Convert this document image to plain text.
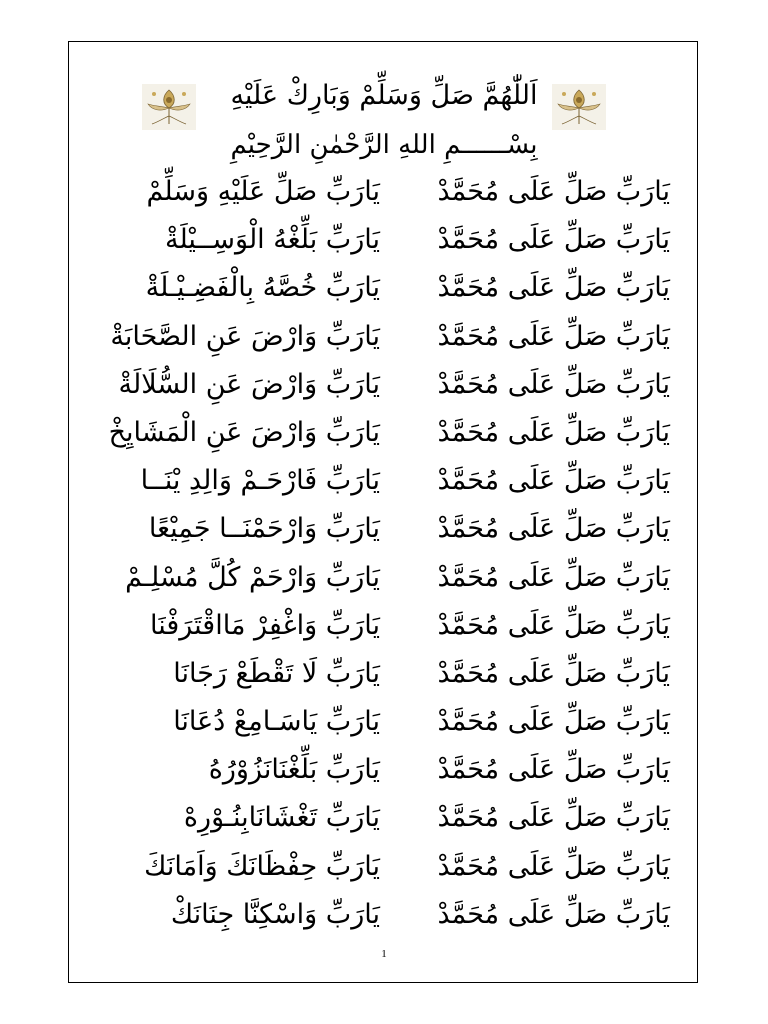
اَللّٰهُمَّ صَلِّ وَسَلِّمْ وَبَارِكْ عَلَيْهِ
بِسْــــــمِ اللهِ الرَّحْمٰنِ الرَّحِيْمِ
يَارَبِّ صَلِّ عَلَى مُحَمَّدْ
يَارَبِّ صَلِّ عَلَيْهِ وَسَلِّمْ
يَارَبِّ صَلِّ عَلَى مُحَمَّدْ
يَارَبِّ بَلِّغْهُ الْوَسِــيْلَةْ
يَارَبِّ صَلِّ عَلَى مُحَمَّدْ
يَارَبِّ خُصَّهُ بِالْفَضِـيْـلَةْ
يَارَبِّ صَلِّ عَلَى مُحَمَّدْ
يَارَبِّ وَارْضَ عَنِ الصَّحَابَةْ
يَارَبِّ صَلِّ عَلَى مُحَمَّدْ
يَارَبِّ وَارْضَ عَنِ السُّلَالَةْ
يَارَبِّ صَلِّ عَلَى مُحَمَّدْ
يَارَبِّ وَارْضَ عَنِ الْمَشَايِخْ
يَارَبِّ صَلِّ عَلَى مُحَمَّدْ
يَارَبِّ فَارْحَـمْ وَالِدِ يْنَــا
يَارَبِّ صَلِّ عَلَى مُحَمَّدْ
يَارَبِّ وَارْحَمْنَــا جَمِيْعًا
يَارَبِّ صَلِّ عَلَى مُحَمَّدْ
يَارَبِّ وَارْحَمْ كُلَّ مُسْلِـمْ
يَارَبِّ صَلِّ عَلَى مُحَمَّدْ
يَارَبِّ وَاغْفِرْ مَااقْتَرَفْنَا
يَارَبِّ صَلِّ عَلَى مُحَمَّدْ
يَارَبِّ لَا تَقْطَعْ رَجَانَا
يَارَبِّ صَلِّ عَلَى مُحَمَّدْ
يَارَبِّ يَاسَـامِعْ دُعَانَا
يَارَبِّ صَلِّ عَلَى مُحَمَّدْ
يَارَبِّ بَلِّغْنَانَزُوْرُهُ
يَارَبِّ صَلِّ عَلَى مُحَمَّدْ
يَارَبِّ تَغْشَانَابِنُـوْرِهْ
يَارَبِّ صَلِّ عَلَى مُحَمَّدْ
يَارَبِّ حِفْظَانَكَ وَاَمَانَكَ
يَارَبِّ صَلِّ عَلَى مُحَمَّدْ
يَارَبِّ وَاسْكِنَّا جِنَانَكْ
1
